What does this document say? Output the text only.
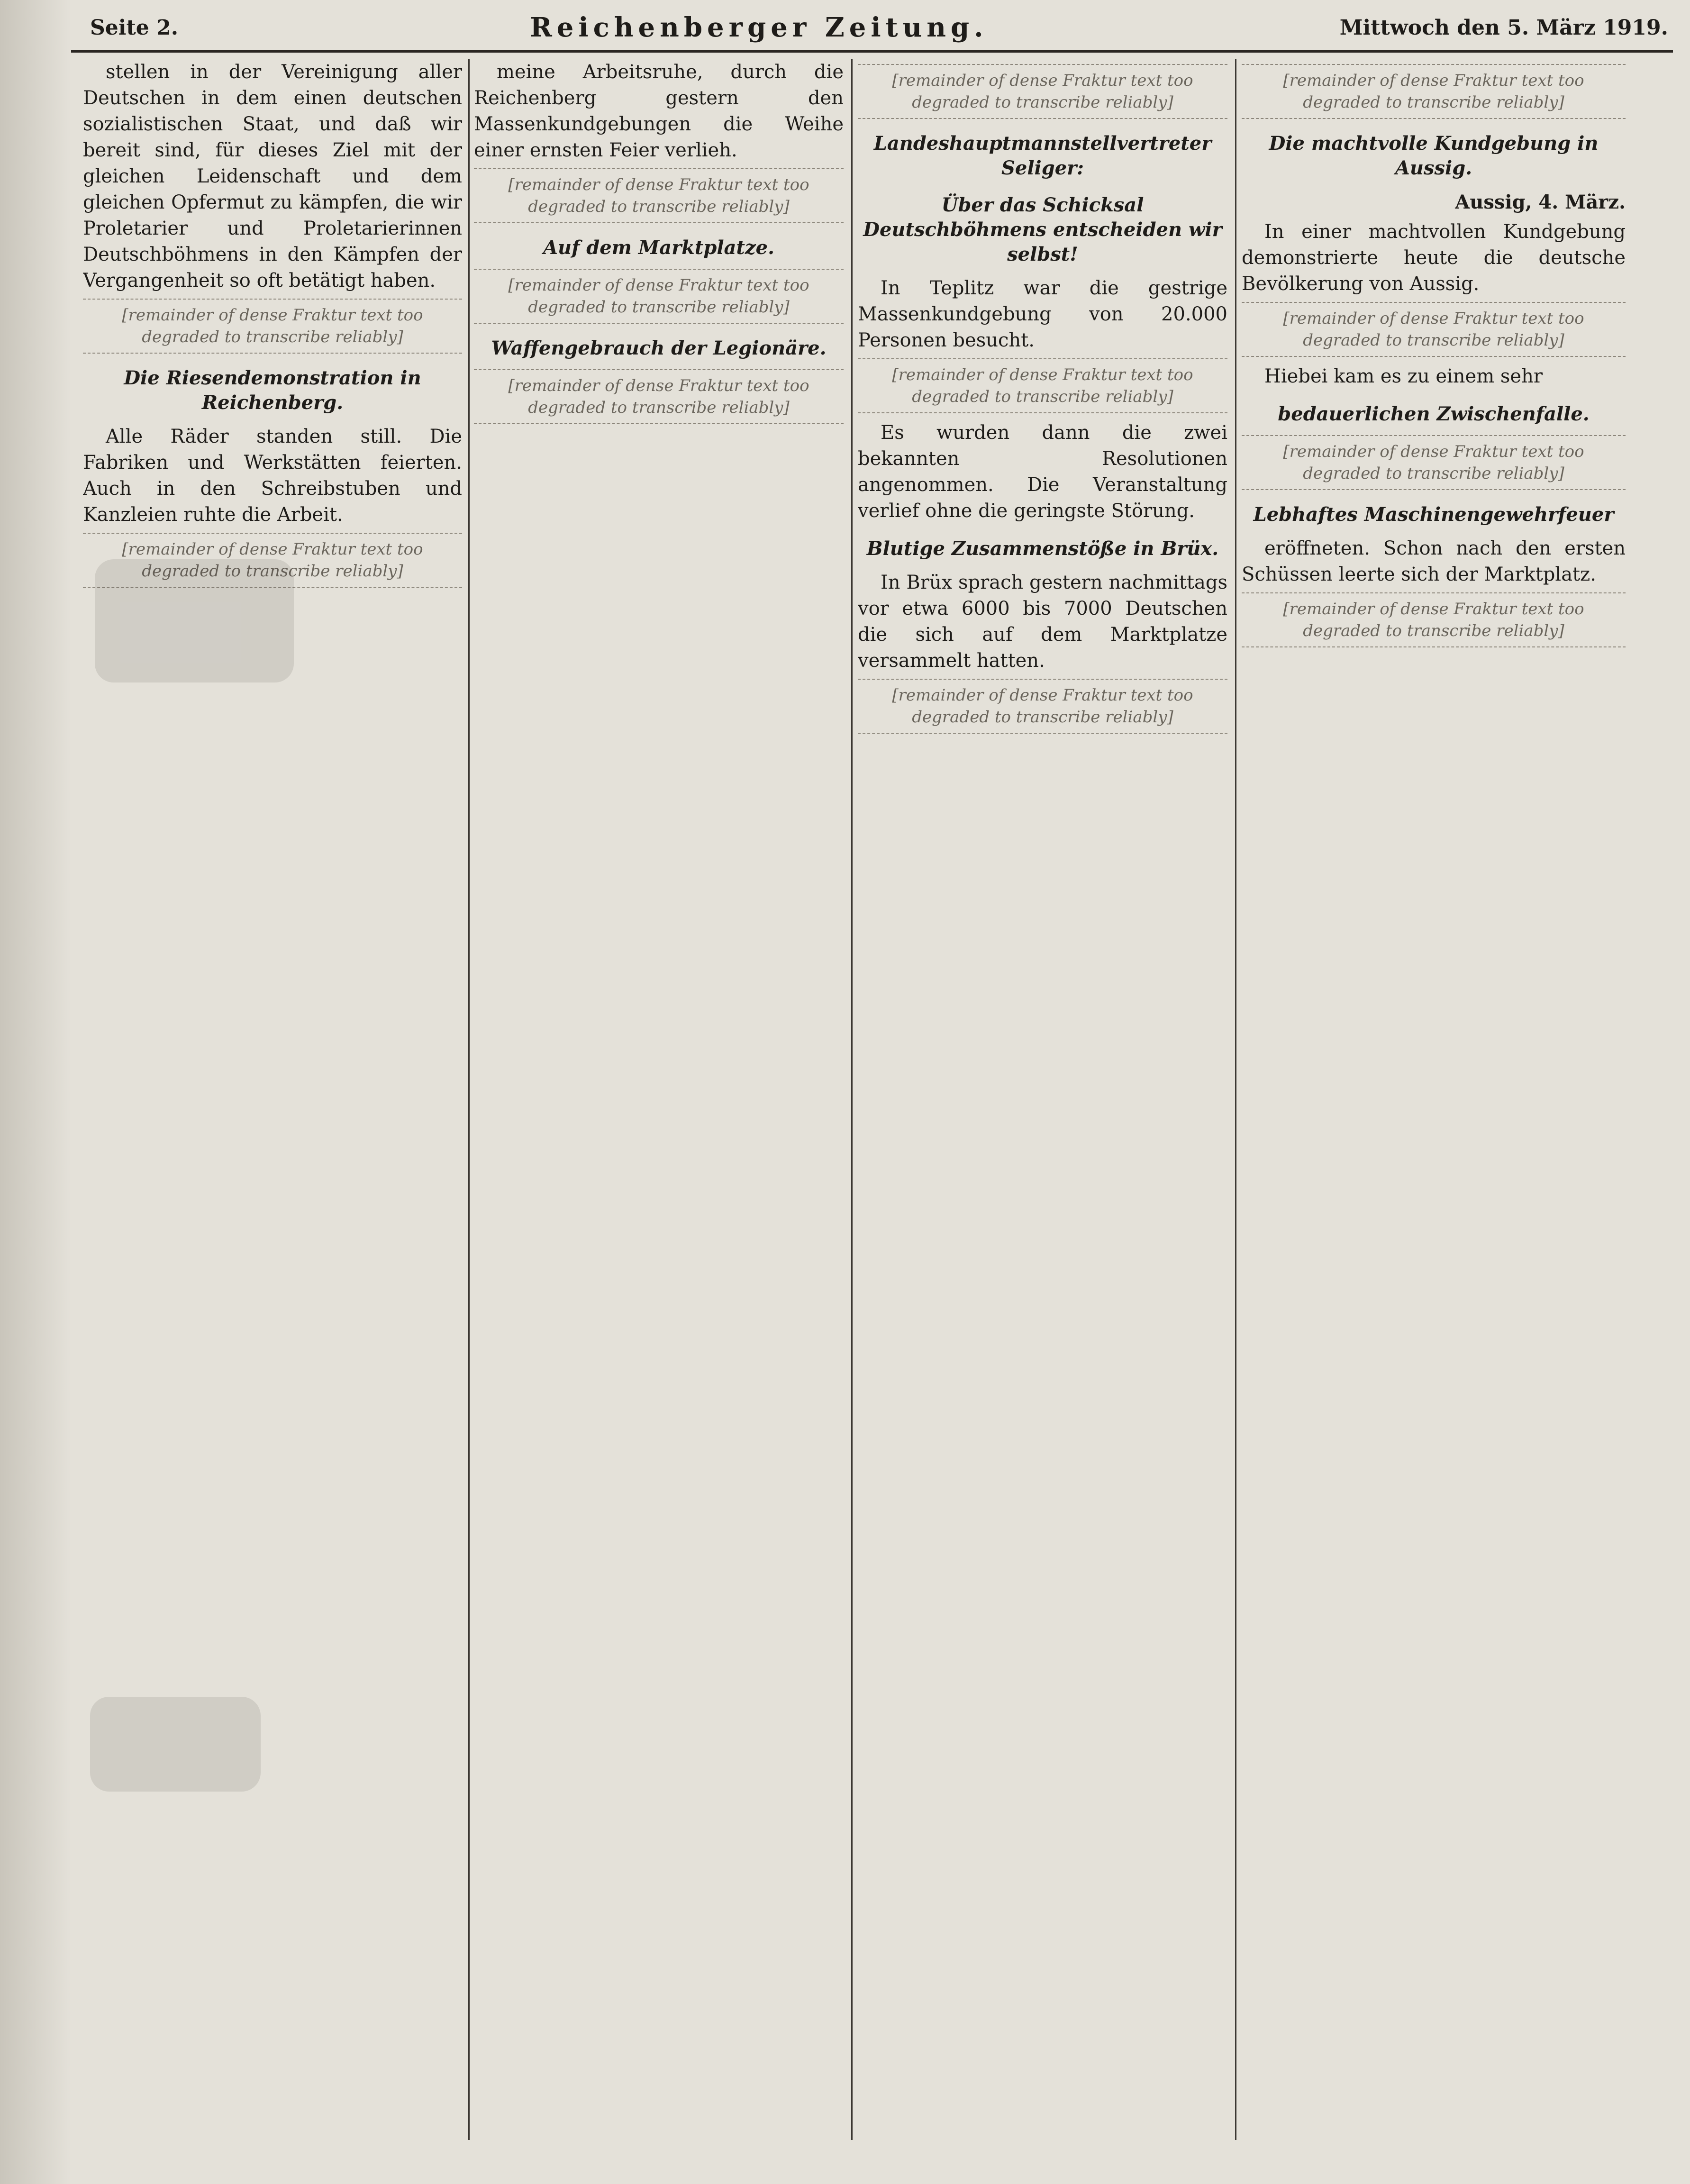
Seite 2.	Reichenberger Zeitung.	Mittwoch den 5. März 1919.

stellen in der Vereinigung aller Deutschen in dem einen deutschen sozialistischen Staat, und daß wir bereit sind, für dieses Ziel mit der gleichen Leidenschaft und dem gleichen Opfermut zu kämpfen, die wir Proletarier und Proletarierinnen Deutschböhmens in den Kämpfen der Vergangenheit so oft betätigt haben.

[remainder of dense Fraktur text too degraded to transcribe reliably]
Die Riesendemonstration in Reichenberg.

Alle Räder standen still. Die Fabriken und Werkstätten feierten. Auch in den Schreibstuben und Kanzleien ruhte die Arbeit.

[remainder of dense Fraktur text too degraded to transcribe reliably]

meine Arbeitsruhe, durch die Reichenberg gestern den Massenkundgebungen die Weihe einer ernsten Feier verlieh.

[remainder of dense Fraktur text too degraded to transcribe reliably]
Auf dem Marktplatze.
[remainder of dense Fraktur text too degraded to transcribe reliably]
Waffengebrauch der Legionäre.
[remainder of dense Fraktur text too degraded to transcribe reliably]
[remainder of dense Fraktur text too degraded to transcribe reliably]
Landeshauptmannstellvertreter Seliger:
Über das Schicksal Deutschböhmens entscheiden wir selbst!

In Teplitz war die gestrige Massenkundgebung von 20.000 Personen besucht.

[remainder of dense Fraktur text too degraded to transcribe reliably]

Es wurden dann die zwei bekannten Resolutionen angenommen. Die Veranstaltung verlief ohne die geringste Störung.

Blutige Zusammenstöße in Brüx.

In Brüx sprach gestern nachmittags vor etwa 6000 bis 7000 Deutschen die sich auf dem Marktplatze versammelt hatten.

[remainder of dense Fraktur text too degraded to transcribe reliably]
[remainder of dense Fraktur text too degraded to transcribe reliably]
Die machtvolle Kundgebung in Aussig.
Aussig, 4. März.

In einer machtvollen Kundgebung demonstrierte heute die deutsche Bevölkerung von Aussig.

[remainder of dense Fraktur text too degraded to transcribe reliably]

Hiebei kam es zu einem sehr

bedauerlichen Zwischenfalle.
[remainder of dense Fraktur text too degraded to transcribe reliably]
Lebhaftes Maschinengewehrfeuer

eröffneten. Schon nach den ersten Schüssen leerte sich der Marktplatz.

[remainder of dense Fraktur text too degraded to transcribe reliably]
